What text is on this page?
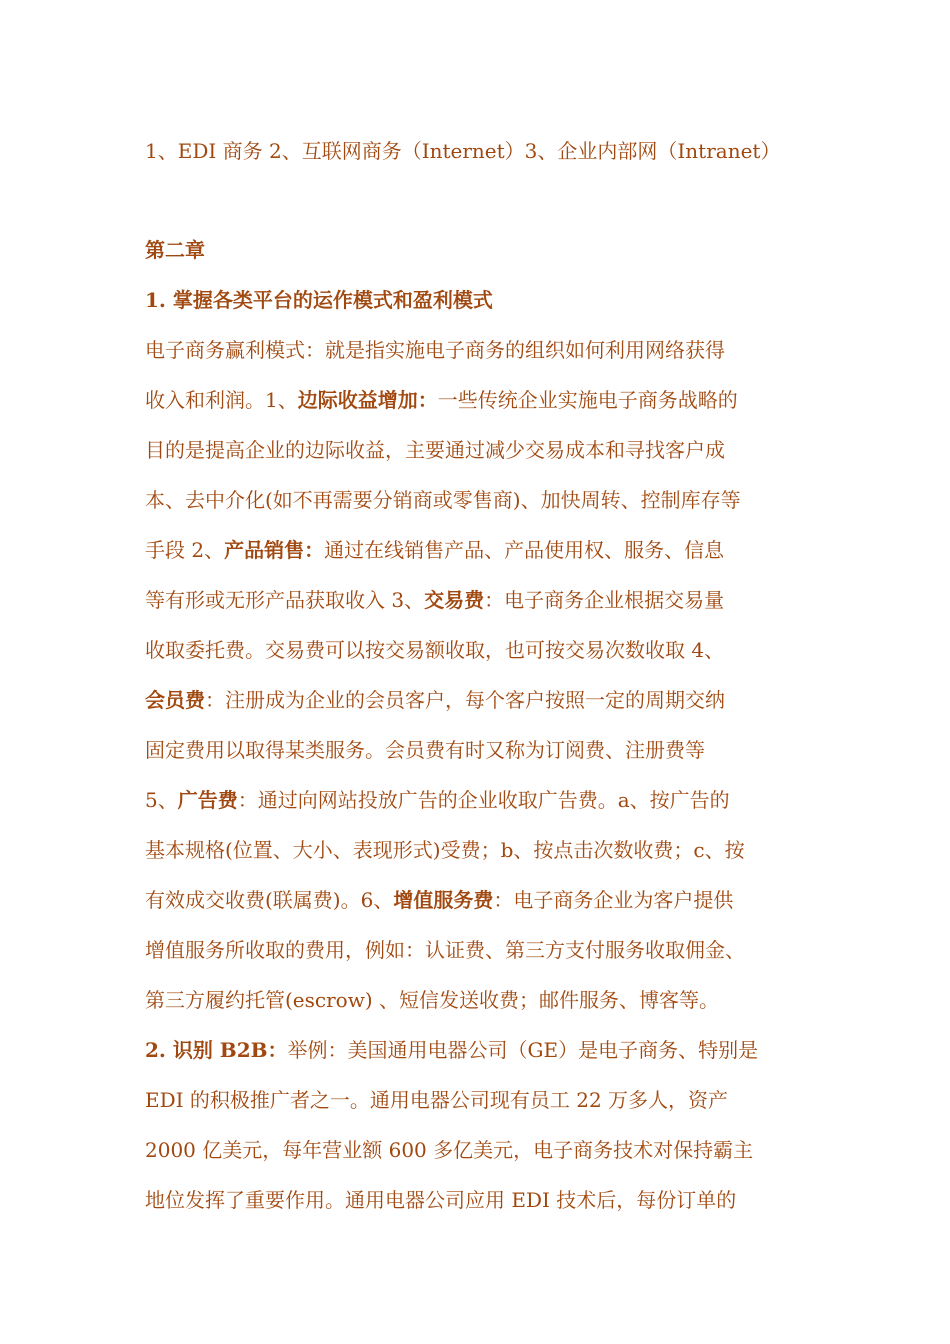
1、EDI 商务 2、互联网商务（Internet）3、企业内部网（Intranet）
第二章
1. 掌握各类平台的运作模式和盈利模式
电子商务赢利模式：就是指实施电子商务的组织如何利用网络获得
收入和利润。1、边际收益增加：一些传统企业实施电子商务战略的
目的是提高企业的边际收益，主要通过减少交易成本和寻找客户成
本、去中介化(如不再需要分销商或零售商)、加快周转、控制库存等
手段 2、产品销售：通过在线销售产品、产品使用权、服务、信息
等有形或无形产品获取收入 3、交易费：电子商务企业根据交易量
收取委托费。交易费可以按交易额收取，也可按交易次数收取 4、
会员费：注册成为企业的会员客户，每个客户按照一定的周期交纳
固定费用以取得某类服务。会员费有时又称为订阅费、注册费等
5、广告费：通过向网站投放广告的企业收取广告费。a、按广告的
基本规格(位置、大小、表现形式)受费；b、按点击次数收费；c、按
有效成交收费(联属费)。6、增值服务费：电子商务企业为客户提供
增值服务所收取的费用，例如：认证费、第三方支付服务收取佣金、
第三方履约托管(escrow) 、短信发送收费；邮件服务、博客等。
2. 识别 B2B：举例：美国通用电器公司（GE）是电子商务、特别是
EDI 的积极推广者之一。通用电器公司现有员工 22 万多人，资产
2000 亿美元，每年营业额 600 多亿美元，电子商务技术对保持霸主
地位发挥了重要作用。通用电器公司应用 EDI 技术后，每份订单的
